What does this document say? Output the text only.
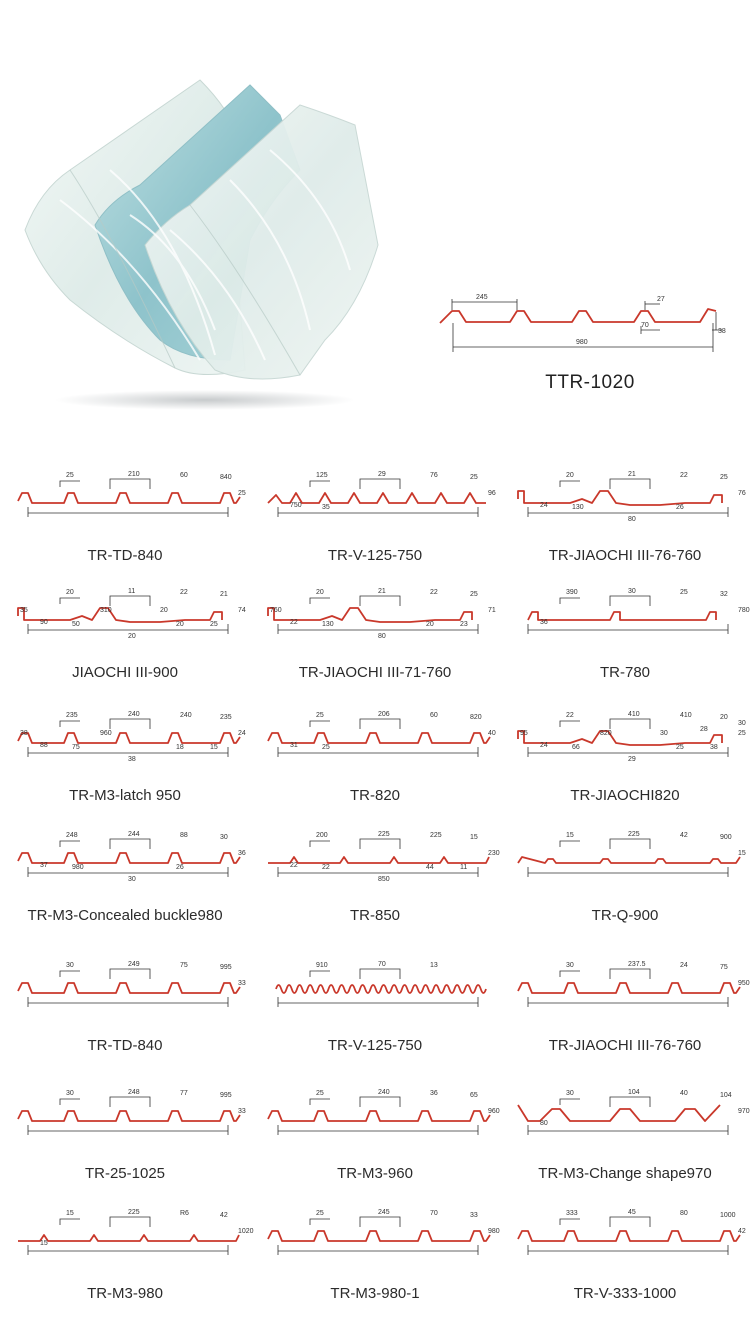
245	27
70
38
980
TTR-1020
25	210	60	840
25
TR-TD-840
125	29	76	25
96
750	35
TR-V-125-750
20	21	22	25
76
24	130
80
26
TR-JIAOCHI III-76-760
20	11	22	21
74
90	50
20
20	25
35	310	20
JIAOCHI III-900
20	21	22	25
71
22	130
80
20	23
760
TR-JIAOCHI III-71-760
390	30	25	32
780
36
TR-780
235	240	240	235
24
88	75
38
18	15
38	960
TR-M3-latch 950
25	206	60	820
40
31	25
TR-820
22	410	410	20
25
24	66
29
25	38
95	820	30
28
30
TR-JIAOCHI820
248	244	88	30
36
37	980
30
26
TR-M3-Concealed buckle980
200	225	225	15
230
22	22
850
44	11
TR-850
15	225	42	900
15
TR-Q-900
30	249	75	995
33
TR-TD-840
910	70	13
TR-V-125-750
30	237.5	24	75
950
TR-JIAOCHI III-76-760
30	248	77	995
33
TR-25-1025
25	240	36	65
960
TR-M3-960
30	104	40	104
970
80
TR-M3-Change shape970
15	225	R6	42
1020
15
TR-M3-980
25	245	70	33
980
TR-M3-980-1
333	45	80	1000
42
TR-V-333-1000
